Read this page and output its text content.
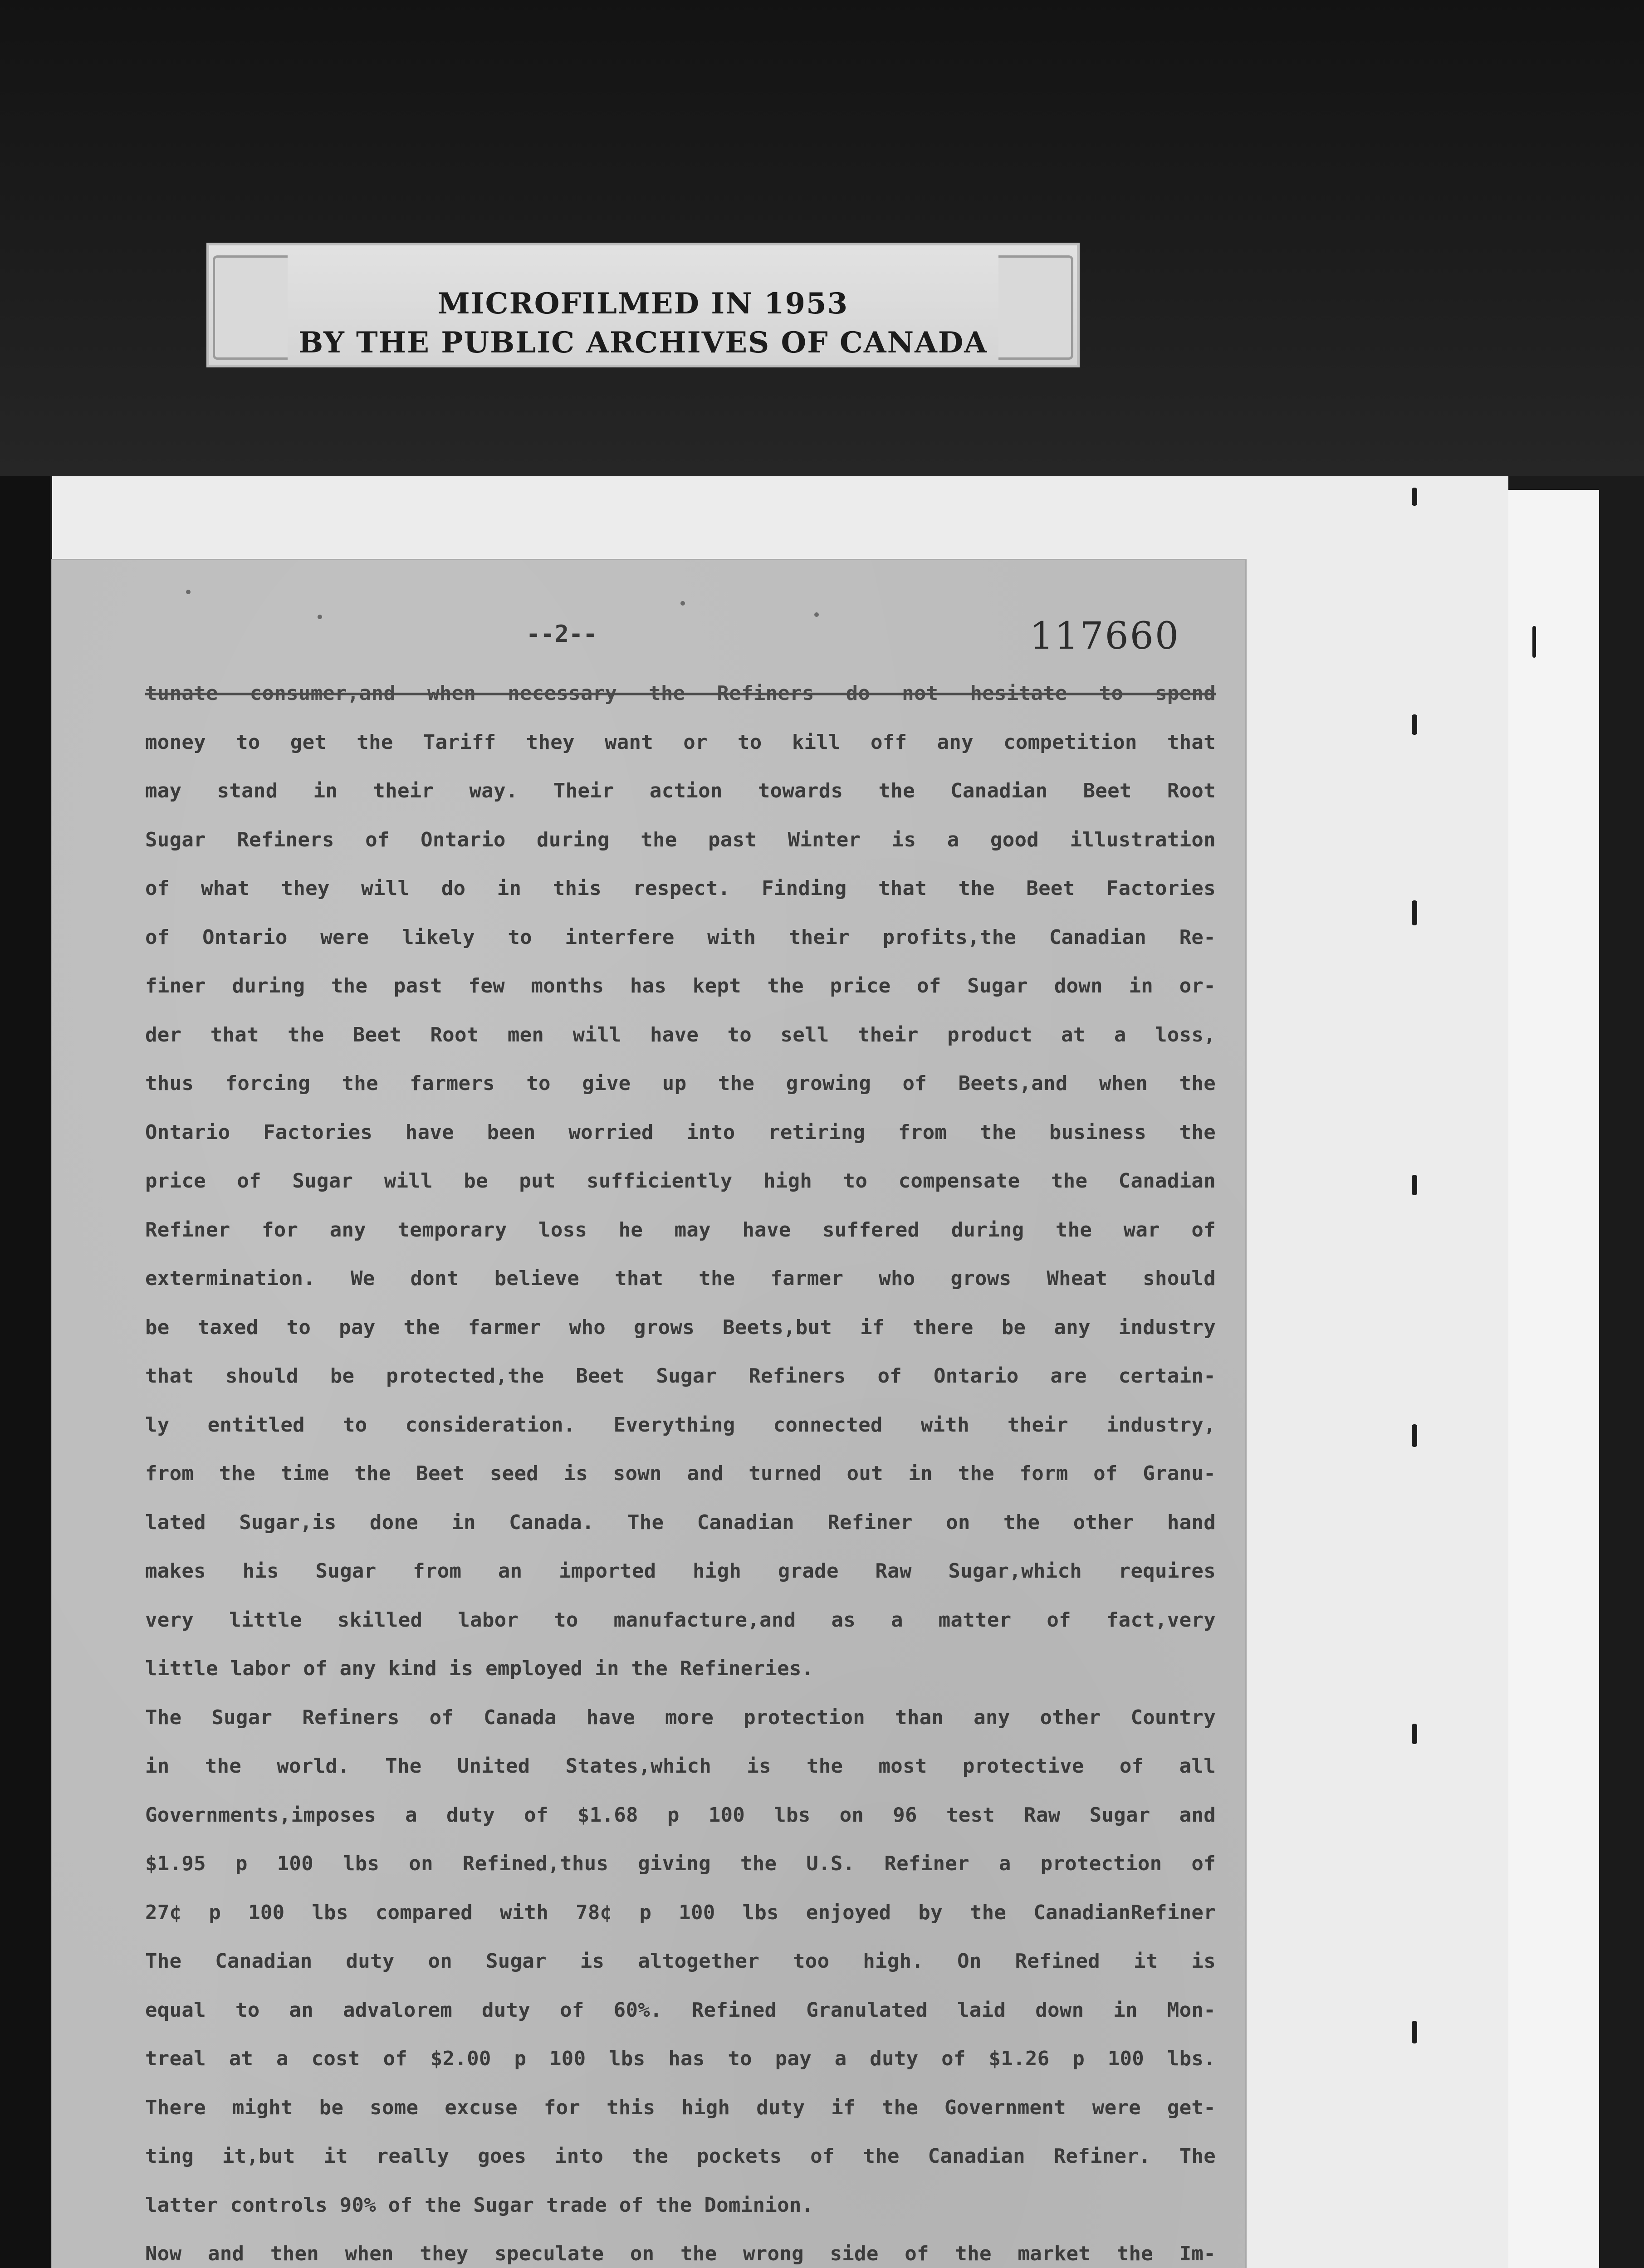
MICROFILMED IN 1953
BY THE PUBLIC ARCHIVES OF CANADA
--2--	117660
tunate consumer,and when necessary the Refiners do not hesitate to spend
money to get the Tariff they want or to kill off any competition that
may stand in their way. Their action towards the Canadian Beet Root
Sugar Refiners of Ontario during the past Winter is a good illustration
of what they will do in this respect. Finding that the Beet Factories
of Ontario were likely to interfere with their profits,the Canadian Re-
finer during the past few months has kept the price of Sugar down in or-
der that the Beet Root men will have to sell their product at a loss,
thus forcing the farmers to give up the growing of Beets,and when the
Ontario Factories have been worried into retiring from the business the
price of Sugar will be put sufficiently high to compensate the Canadian
Refiner for any temporary loss he may have suffered during the war of
extermination. We dont believe that the farmer who grows Wheat should
be taxed to pay the farmer who grows Beets,but if there be any industry
that should be protected,the Beet Sugar Refiners of Ontario are certain-
ly entitled to consideration. Everything connected with their industry,
from the time the Beet seed is sown and turned out in the form of Granu-
lated Sugar,is done in Canada. The Canadian Refiner on the other hand
makes his Sugar from an imported high grade Raw Sugar,which requires
very little skilled labor to manufacture,and as a matter of fact,very
little labor of any kind is employed in the Refineries.
The Sugar Refiners of Canada have more protection than any other Country
in the world. The United States,which is the most protective of all
Governments,imposes a duty of $1.68 p 100 lbs on 96 test Raw Sugar and
$1.95 p 100 lbs on Refined,thus giving the U.S. Refiner a protection of
27¢ p 100 lbs compared with 78¢ p 100 lbs enjoyed by the CanadianRefiner
The Canadian duty on Sugar is altogether too high. On Refined it is
equal to an advalorem duty of 60%. Refined Granulated laid down in Mon-
treal at a cost of $2.00 p 100 lbs has to pay a duty of $1.26 p 100 lbs.
There might be some excuse for this high duty if the Government were get-
ting it,but it really goes into the pockets of the Canadian Refiner. The
latter controls 90% of the Sugar trade of the Dominion.
Now and then when they speculate on the wrong side of the market the Im-
